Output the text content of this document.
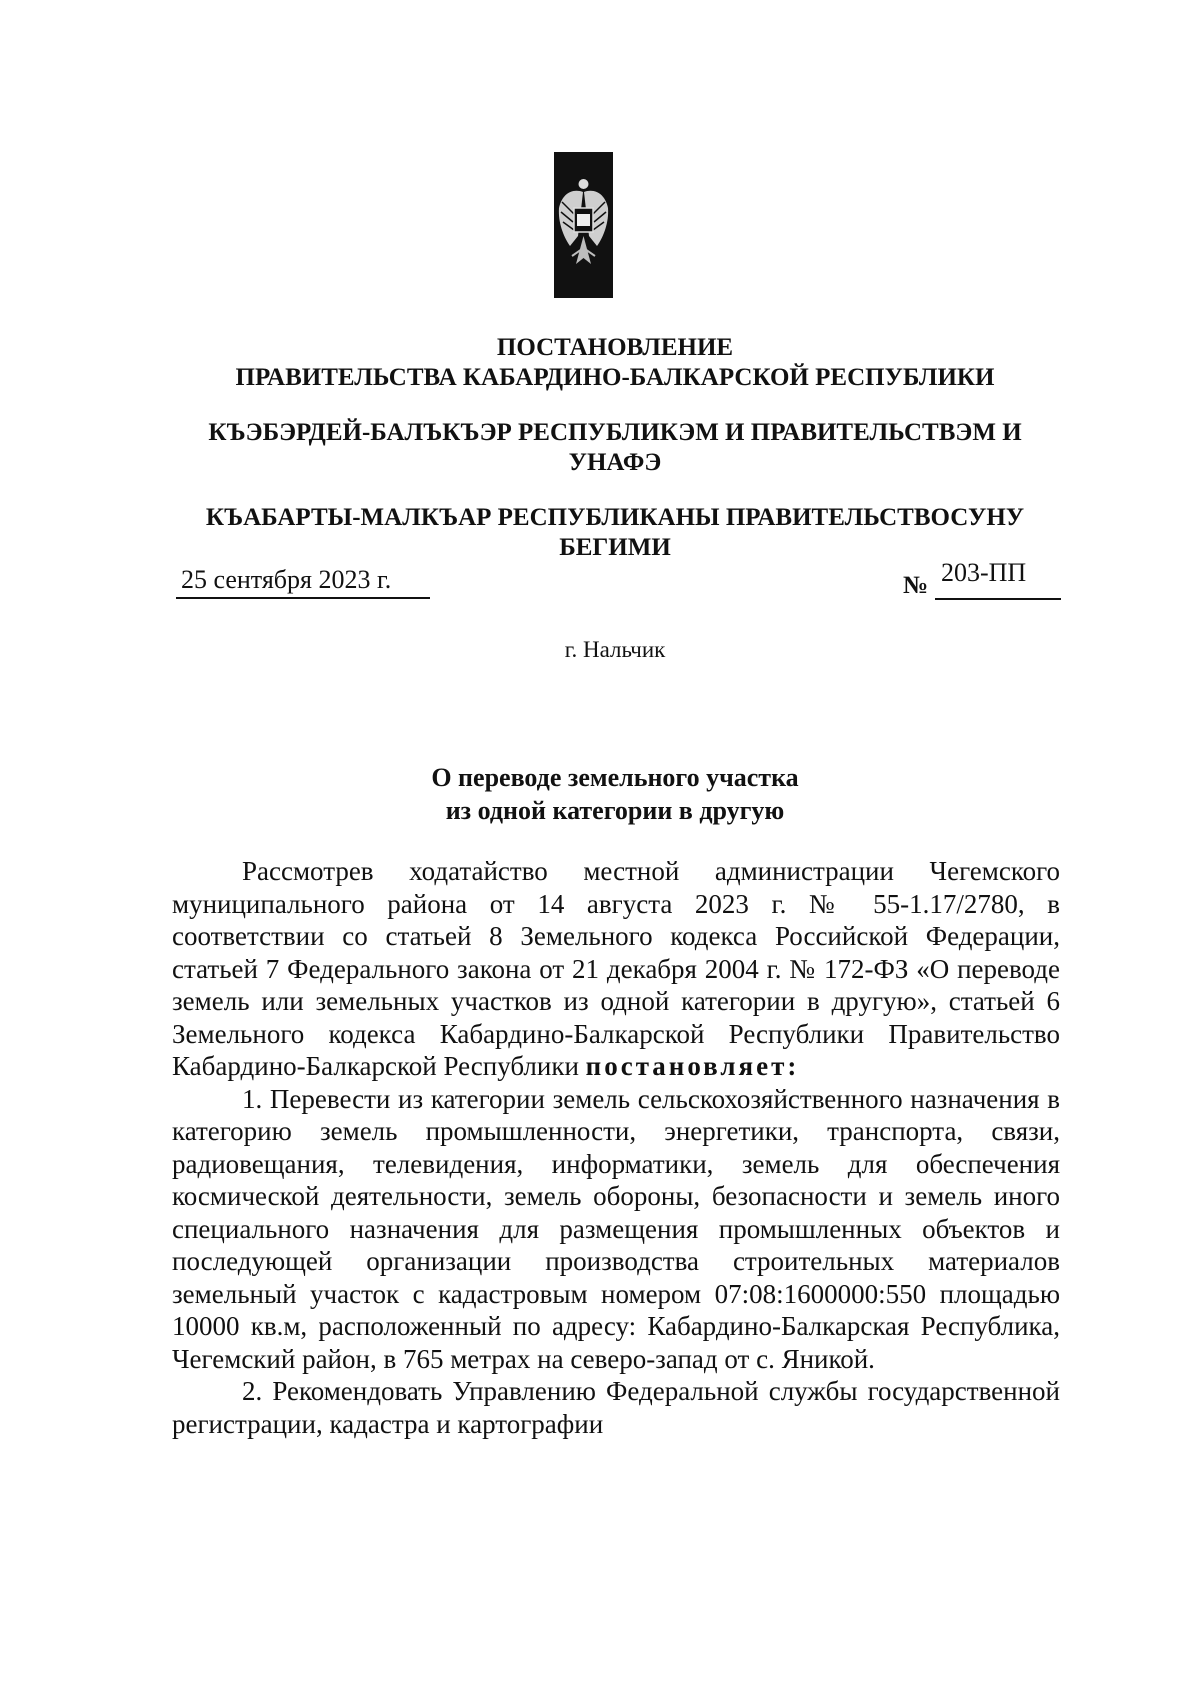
ПОСТАНОВЛЕНИЕ
ПРАВИТЕЛЬСТВА КАБАРДИНО-БАЛКАРСКОЙ РЕСПУБЛИКИ
КЪЭБЭРДЕЙ-БАЛЪКЪЭР РЕСПУБЛИКЭМ И ПРАВИТЕЛЬСТВЭМ И
УНАФЭ
КЪАБАРТЫ-МАЛКЪАР РЕСПУБЛИКАНЫ ПРАВИТЕЛЬСТВОСУНУ
БЕГИМИ
25 сентября 2023 г.	№ 203-ПП
г. Нальчик
О переводе земельного участка
из одной категории в другую

Рассмотрев ходатайство местной администрации Чегемского муниципального района от 14 августа 2023 г. № 55-1.17/2780, в соответствии со статьей 8 Земельного кодекса Российской Федерации, статьей 7 Федерального закона от 21 декабря 2004 г. № 172-ФЗ «О переводе земель или земельных участков из одной категории в другую», статьей 6 Земельного кодекса Кабардино-Балкарской Республики Правительство Кабардино-Балкарской Республики постановляет:

1. Перевести из категории земель сельскохозяйственного назначения в категорию земель промышленности, энергетики, транспорта, связи, радиовещания, телевидения, информатики, земель для обеспечения космической деятельности, земель обороны, безопасности и земель иного специального назначения для размещения промышленных объектов и последующей организации производства строительных материалов земельный участок с кадастровым номером 07:08:1600000:550 площадью 10000 кв.м, расположенный по адресу: Кабардино-Балкарская Республика, Чегемский район, в 765 метрах на северо-запад от с. Яникой.

2. Рекомендовать Управлению Федеральной службы государственной регистрации, кадастра и картографии
